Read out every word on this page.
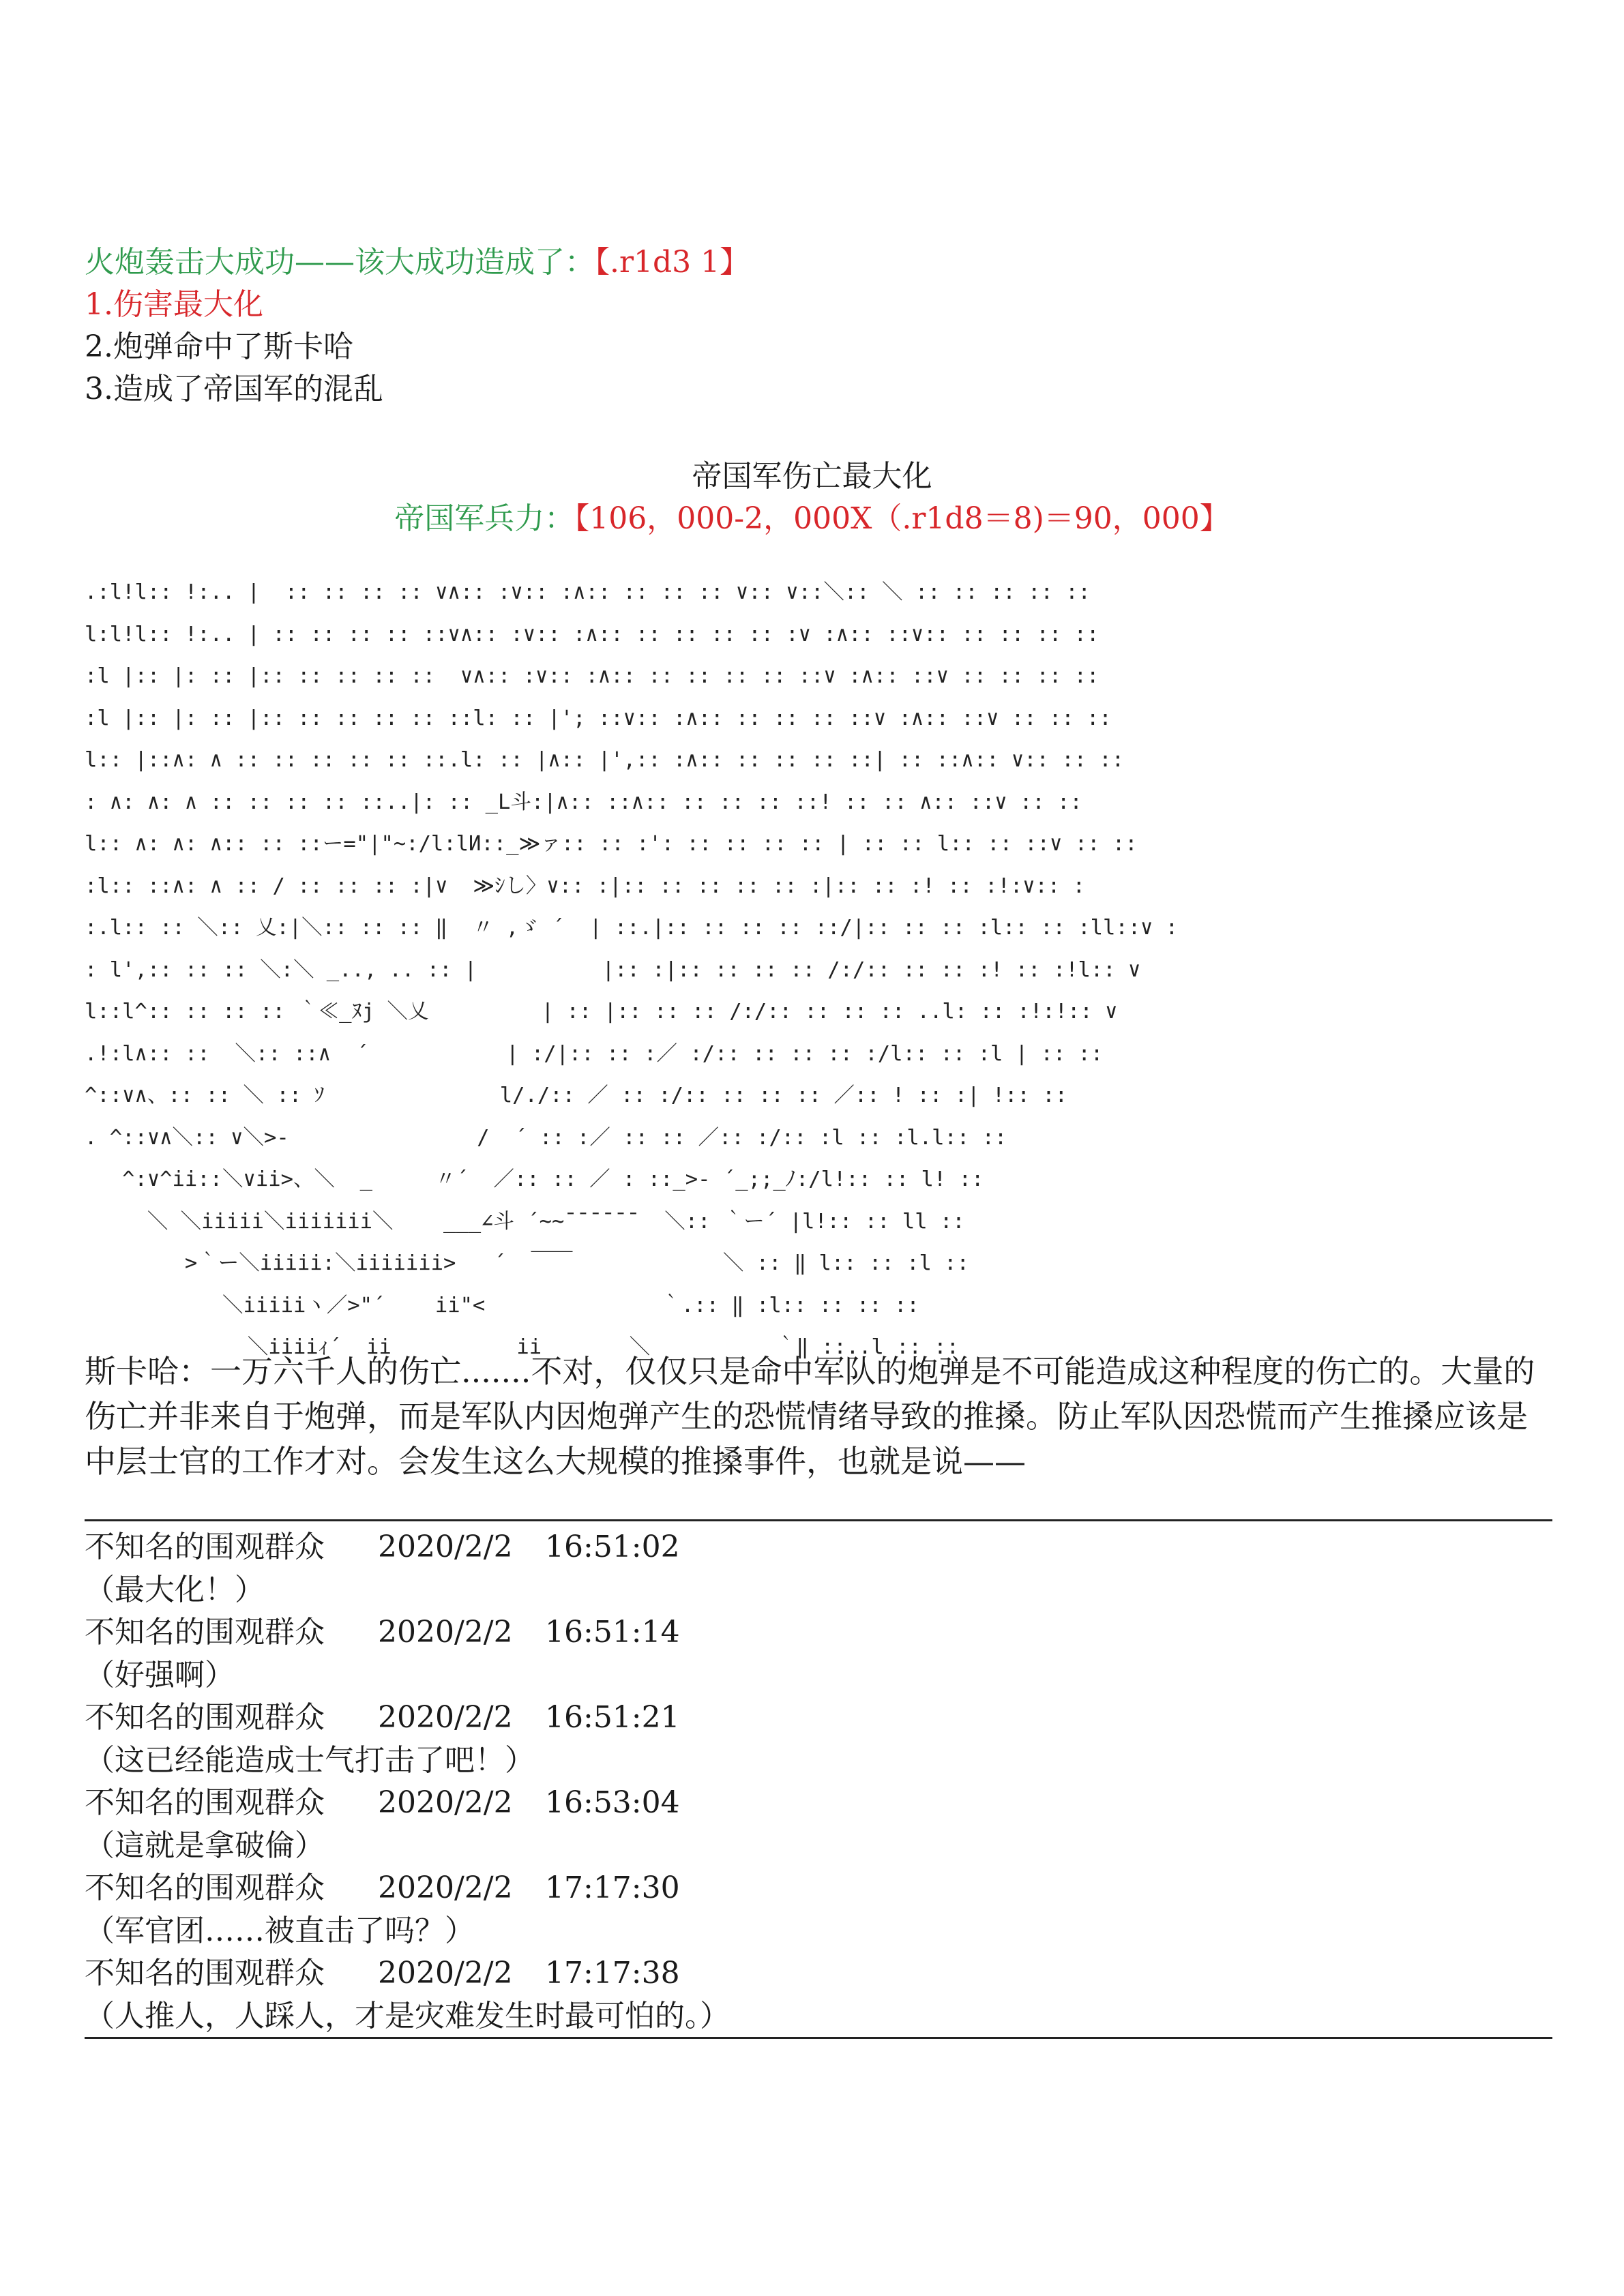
火炮轰击大成功——该大成功造成了：【.r1d3 1】
1.伤害最大化
2.炮弹命中了斯卡哈
3.造成了帝国军的混乱
帝国军伤亡最大化
帝国军兵力：【106，000-2，000X（.r1d8＝8)＝90，000】
.:l!l:: !:.. |  :: :: :: :: ∨∧:: :∨:: :∧:: :: :: :: ∨:: ∨::＼:: ＼ :: :: :: :: ::
l:l!l:: !:.. | :: :: :: :: ::∨∧:: :∨:: :∧:: :: :: :: :: :∨ :∧:: ::∨:: :: :: :: ::
:l |:: |: :: |:: :: :: :: ::  ∨∧:: :∨:: :∧:: :: :: :: :: ::∨ :∧:: ::∨ :: :: :: ::
:l |:: |: :: |:: :: :: :: :: ::l: :: |'; ::∨:: :∧:: :: :: :: ::∨ :∧:: ::∨ :: :: ::
l:: |::∧: ∧ :: :: :: :: :: ::.l: :: |∧:: |',:: :∧:: :: :: :: ::| :: ::∧:: ∨:: :: ::
: ∧: ∧: ∧ :: :: :: :: ::..|: :: _L斗:|∧:: ::∧:: :: :: :: ::! :: :: ∧:: ::∨ :: ::
l:: ∧: ∧: ∧:: :: ::ー="|"~:/l:lИ::_≫ァ:: :: :': :: :: :: :: | :: :: l:: :: ::∨ :: ::
:l:: ::∧: ∧ :: / :: :: :: :|∨  ≫ｼし〉∨:: :|:: :: :: :: :: :|:: :: :! :: :!:∨:: :
:.l:: :: ＼:: 乂:|＼:: :: :: ‖  〃 ,ゞ ´  | ::.|:: :: :: :: ::/|:: :: :: :l:: :: :ll::∨ :
: l',:: :: :: ＼:＼ _.., .. :: |          |:: :|:: :: :: :: /:/:: :: :: :! :: :!l:: ∨
l::l^:: :: :: :: ｀≪_ﾇj ＼乂         | :: |:: :: :: /:/:: :: :: :: ..l: :: :!:!:: ∨
.!:l∧:: ::  ＼:: ::∧  ´           | :/|:: :: :／ :/:: :: :: :: :/l:: :: :l | :: ::
^::∨∧、:: :: ＼ :: ｿ              l/./:: ／ :: :/:: :: :: :: ／:: ! :: :| !:: ::
. ^::∨∧＼:: ∨＼>-               /  ´ :: :／ :: :: ／:: :/:: :l :: :l.l:: ::
^:∨^ii::＼∨ii>、＼  _     〃´  ／:: :: ／ : ::_>- ´_;;_ﾉ:/l!:: :: l! ::
＼ ＼iiiii＼iiiiiii＼    ___∠斗 ´~~¯¯¯¯¯¯  ＼:: ｀ー´ |l!:: :: ll ::
>｀ー＼iiiii:＼iiiiiii>   ´  ￣￣            ＼ :: ‖ l:: :: :l ::
＼iiiiiヽ／>"´    ii"<              ｀.:: ‖ :l:: :: :: ::
＼iiiiｨ´  ii          ii       ＼          ｀‖ ::..l :: ::
斯卡哈：一万六千人的伤亡.......不对，仅仅只是命中军队的炮弹是不可能造成这种程度的伤亡的。大量的伤亡并非来自于炮弹，而是军队内因炮弹产生的恐慌情绪导致的推搡。防止军队因恐慌而产生推搡应该是中层士官的工作才对。会发生这么大规模的推搡事件，也就是说——
不知名的围观群众 2020/2/2 16:51:02
（最大化！）
不知名的围观群众 2020/2/2 16:51:14
（好强啊）
不知名的围观群众 2020/2/2 16:51:21
（这已经能造成士气打击了吧！）
不知名的围观群众 2020/2/2 16:53:04
（這就是拿破倫）
不知名的围观群众 2020/2/2 17:17:30
（军官团……被直击了吗？）
不知名的围观群众 2020/2/2 17:17:38
（人推人，人踩人，才是灾难发生时最可怕的。）
